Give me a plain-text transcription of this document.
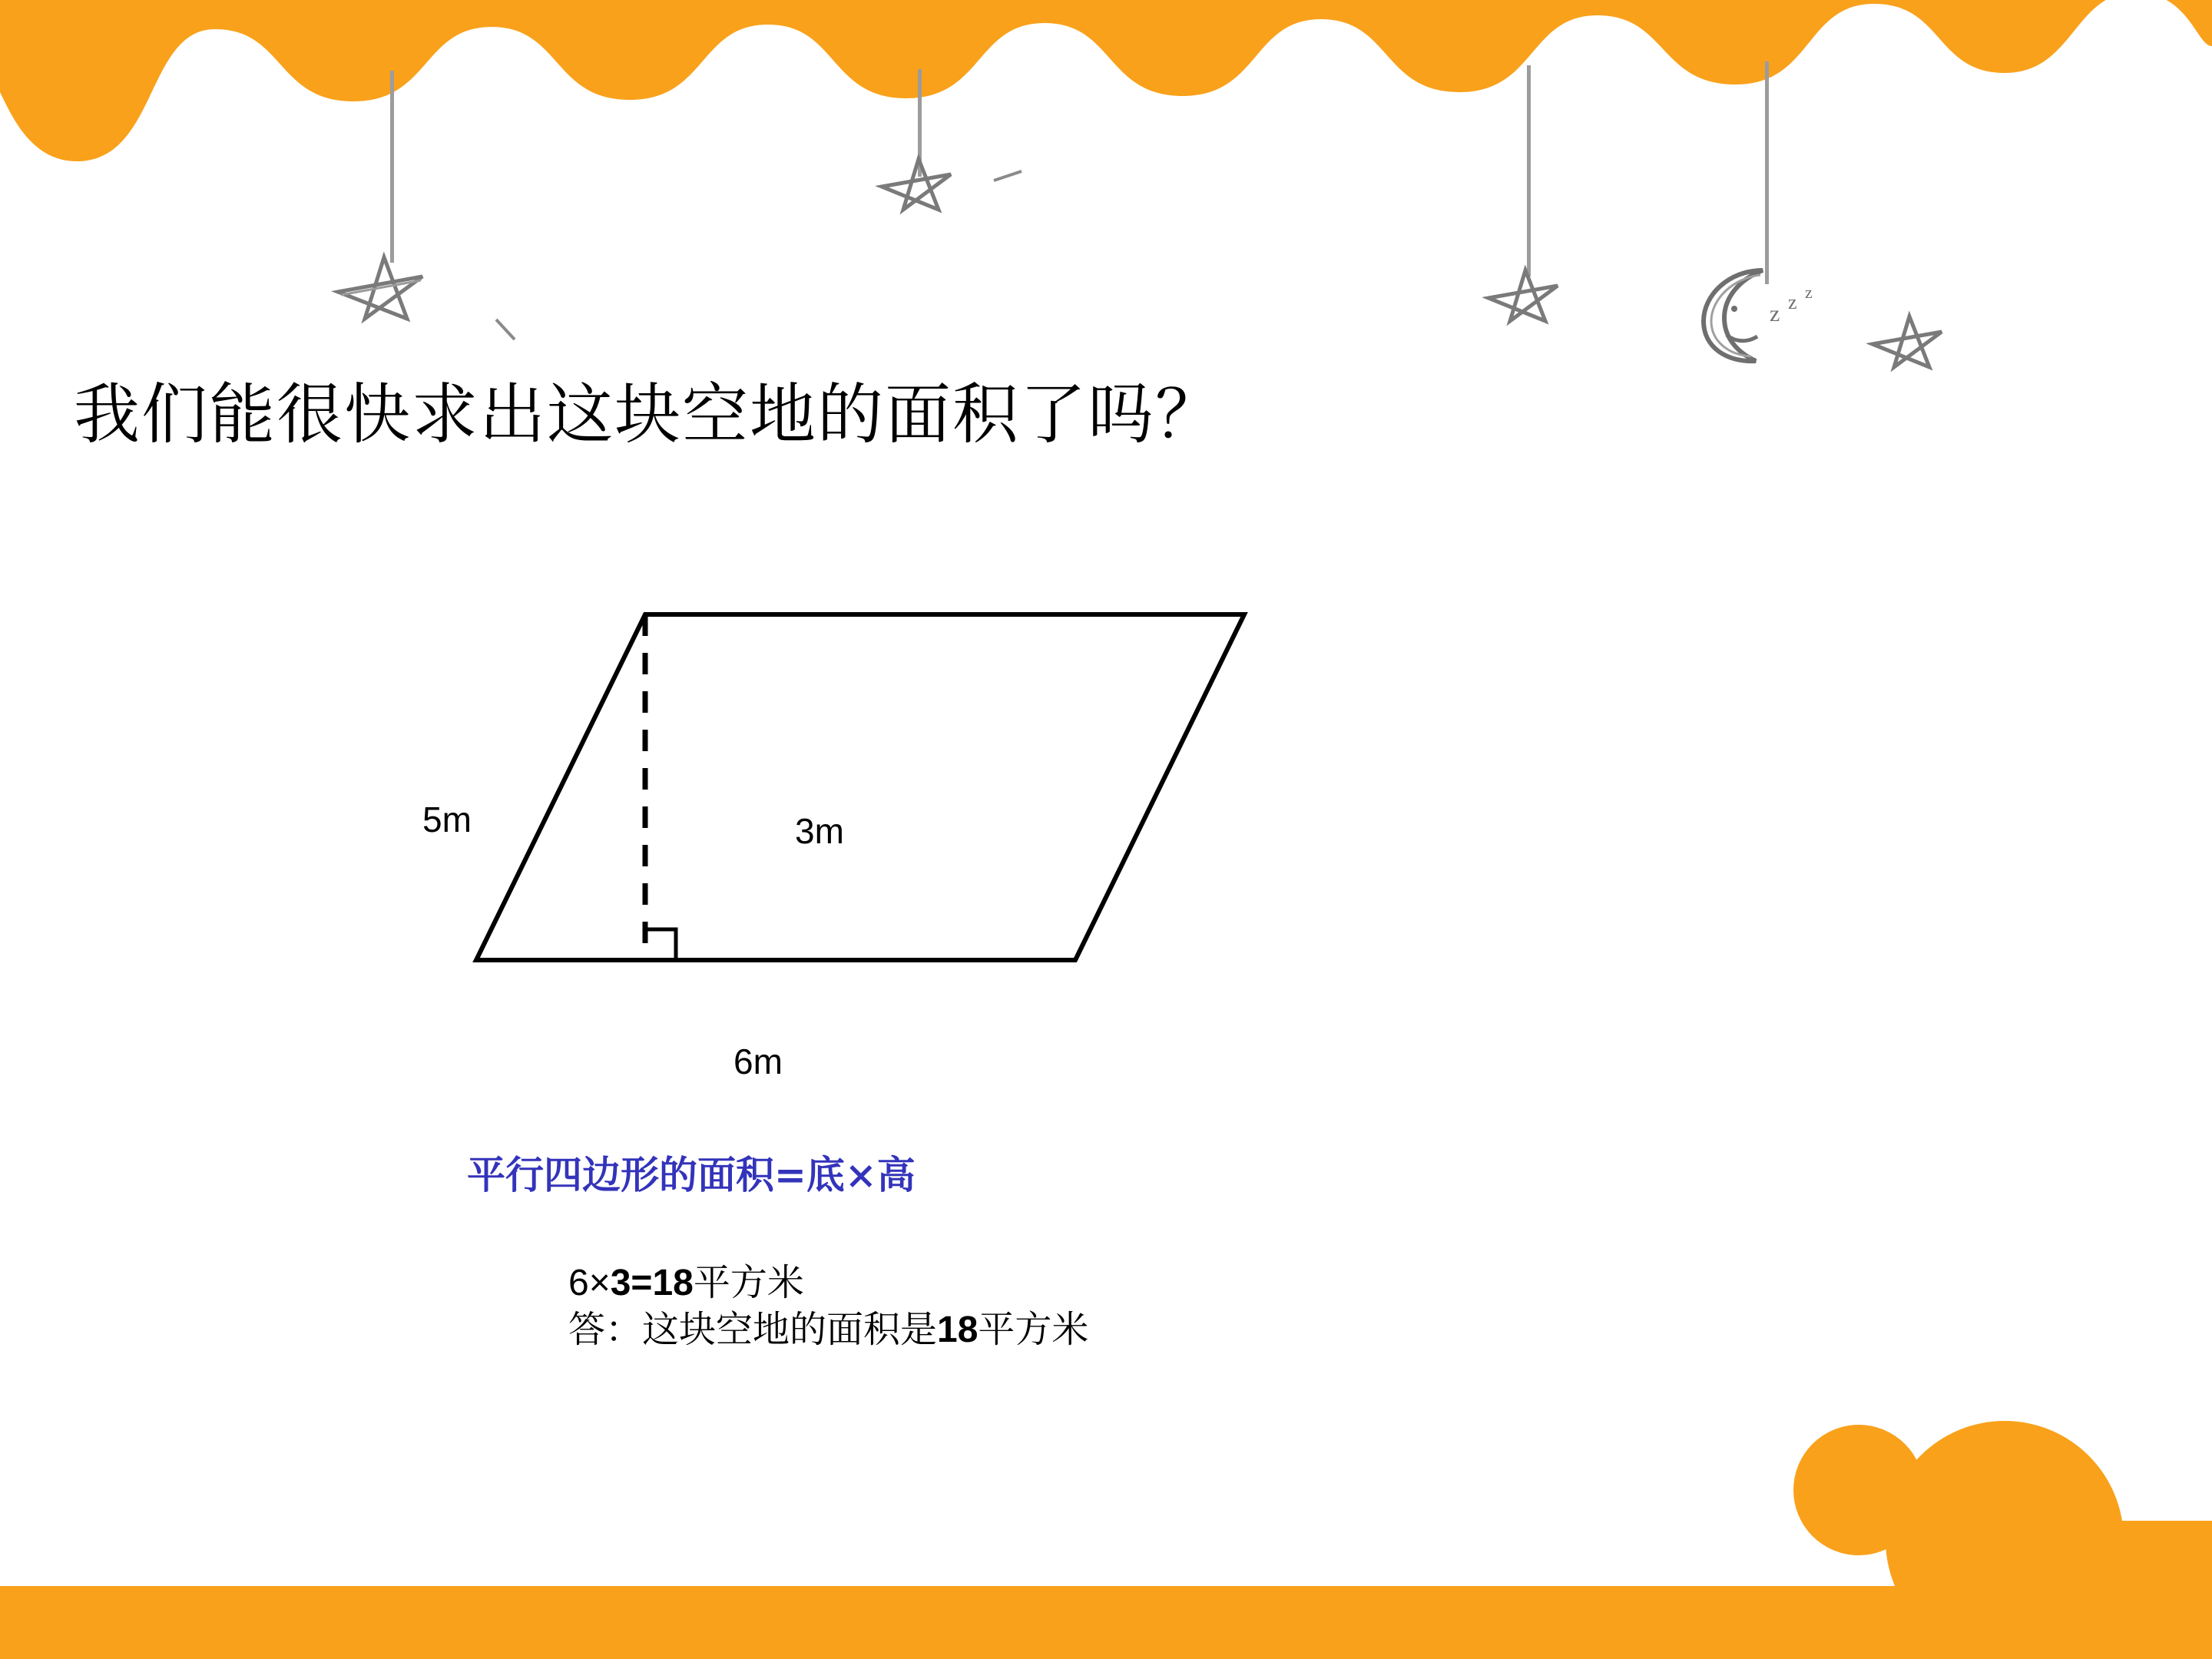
z z z
我们能很快求出这块空地的面积了吗？
5m	3m
6m
平行四边形的面积=底×高
6×3=18平方米
答：这块空地的面积是18平方米
